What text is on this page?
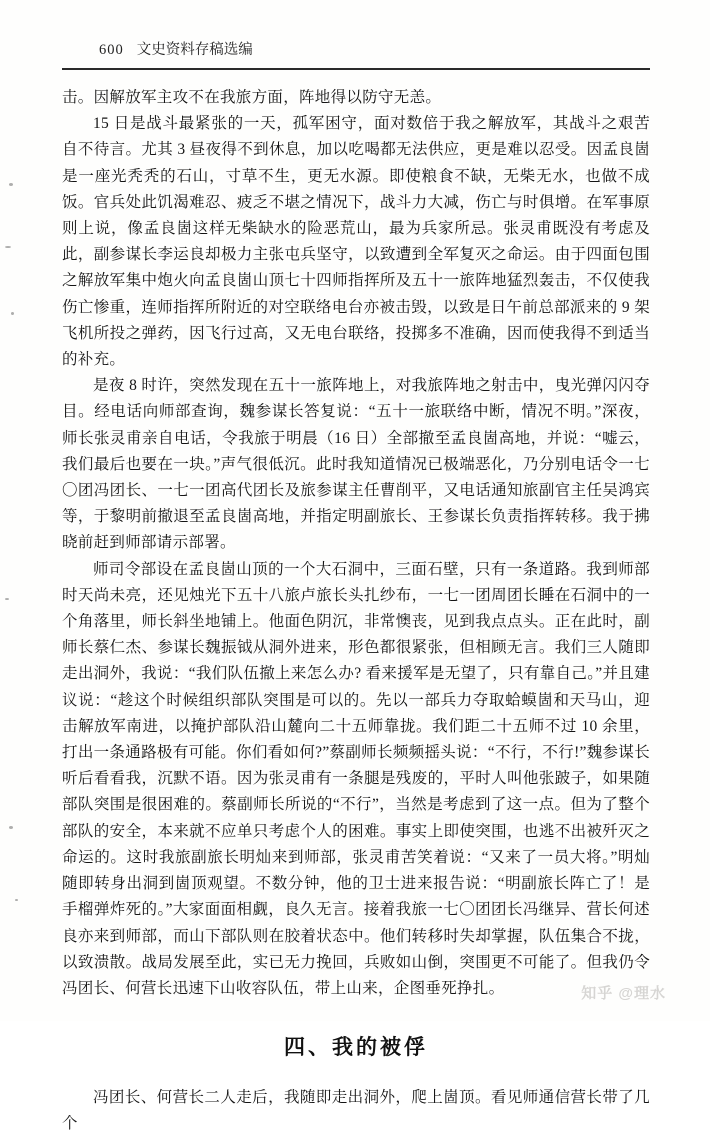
600 文史资料存稿选编

击。因解放军主攻不在我旅方面，阵地得以防守无恙。

15 日是战斗最紧张的一天，孤军困守，面对数倍于我之解放军，其战斗之艰苦自不待言。尤其 3 昼夜得不到休息，加以吃喝都无法供应，更是难以忍受。因孟良崮是一座光秃秃的石山，寸草不生，更无水源。即使粮食不缺，无柴无水，也做不成饭。官兵处此饥渴难忍、疲乏不堪之情况下，战斗力大减，伤亡与时俱增。在军事原则上说，像孟良崮这样无柴缺水的险恶荒山，最为兵家所忌。张灵甫既没有考虑及此，副参谋长李运良却极力主张屯兵坚守，以致遭到全军复灭之命运。由于四面包围之解放军集中炮火向孟良崮山顶七十四师指挥所及五十一旅阵地猛烈轰击，不仅使我伤亡惨重，连师指挥所附近的对空联络电台亦被击毁，以致是日午前总部派来的 9 架飞机所投之弹药，因飞行过高，又无电台联络，投掷多不准确，因而使我得不到适当的补充。

是夜 8 时许，突然发现在五十一旅阵地上，对我旅阵地之射击中，曳光弹闪闪夺目。经电话向师部查询，魏参谋长答复说：“五十一旅联络中断，情况不明。”深夜，师长张灵甫亲自电话，令我旅于明晨（16 日）全部撤至孟良崮高地，并说：“嘘云，我们最后也要在一块。”声气很低沉。此时我知道情况已极端恶化，乃分别电话令一七〇团冯团长、一七一团高代团长及旅参谋主任曹削平，又电话通知旅副官主任吴鸿宾等，于黎明前撤退至孟良崮高地，并指定明副旅长、王参谋长负责指挥转移。我于拂晓前赶到师部请示部署。

师司令部设在孟良崮山顶的一个大石洞中，三面石壁，只有一条道路。我到师部时天尚未亮，还见烛光下五十八旅卢旅长头扎纱布，一七一团周团长睡在石洞中的一个角落里，师长斜坐地铺上。他面色阴沉，非常懊丧，见到我点点头。正在此时，副师长蔡仁杰、参谋长魏振钺从洞外进来，形色都很紧张，但相顾无言。我们三人随即走出洞外，我说：“我们队伍撤上来怎么办? 看来援军是无望了，只有靠自己。”并且建议说：“趁这个时候组织部队突围是可以的。先以一部兵力夺取蛤蟆崮和天马山，迎击解放军南进，以掩护部队沿山麓向二十五师靠拢。我们距二十五师不过 10 余里，打出一条通路极有可能。你们看如何?”蔡副师长频频摇头说：“不行，不行!”魏参谋长听后看看我，沉默不语。因为张灵甫有一条腿是残废的，平时人叫他张跛子，如果随部队突围是很困难的。蔡副师长所说的“不行”，当然是考虑到了这一点。但为了整个部队的安全，本来就不应单只考虑个人的困难。事实上即使突围，也逃不出被歼灭之命运的。这时我旅副旅长明灿来到师部，张灵甫苦笑着说：“又来了一员大将。”明灿随即转身出洞到崮顶观望。不数分钟，他的卫士进来报告说：“明副旅长阵亡了！是手榴弹炸死的。”大家面面相觑，良久无言。接着我旅一七〇团团长冯继异、营长何述良亦来到师部，而山下部队则在胶着状态中。他们转移时失却掌握，队伍集合不拢，以致溃散。战局发展至此，实已无力挽回，兵败如山倒，突围更不可能了。但我仍令冯团长、何营长迅速下山收容队伍，带上山来，企图垂死挣扎。

四、我的被俘

冯团长、何营长二人走后，我随即走出洞外，爬上崮顶。看见师通信营长带了几个

知乎 @理水
